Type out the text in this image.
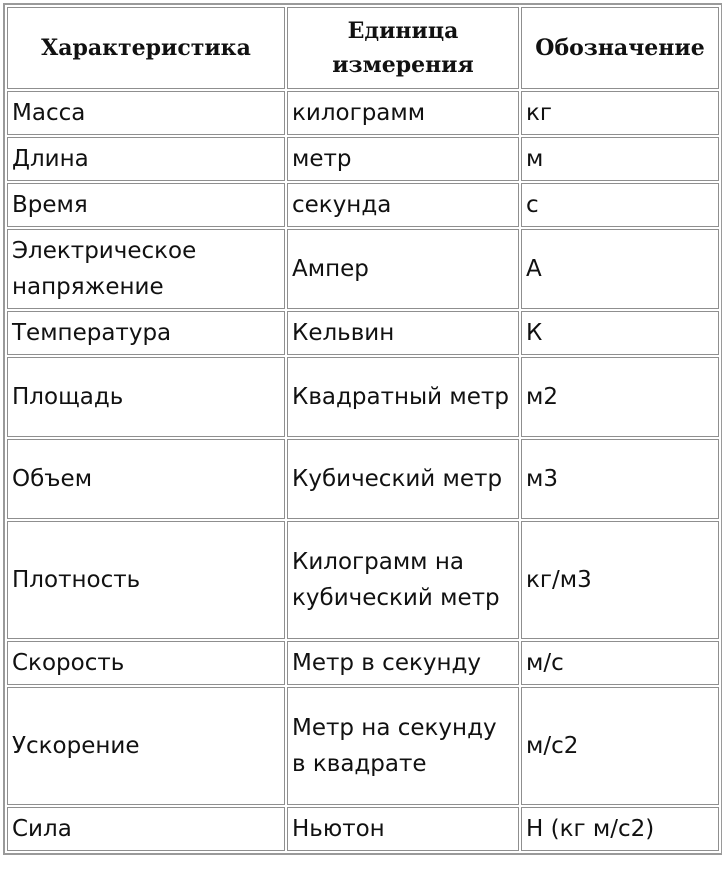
Характеристика	Единица измерения	Обозначение
Масса	килограмм	кг
Длина	метр	м
Время	секунда	с
Электрическое напряжение	Ампер	А
Температура	Кельвин	К
Площадь	Квадратный метр	м2
Объем	Кубический метр	м3
Плотность	Килограмм на кубический метр	кг/м3
Скорость	Метр в секунду	м/с
Ускорение	Метр на секунду в квадрате	м/с2
Сила	Ньютон	Н (кг м/с2)
